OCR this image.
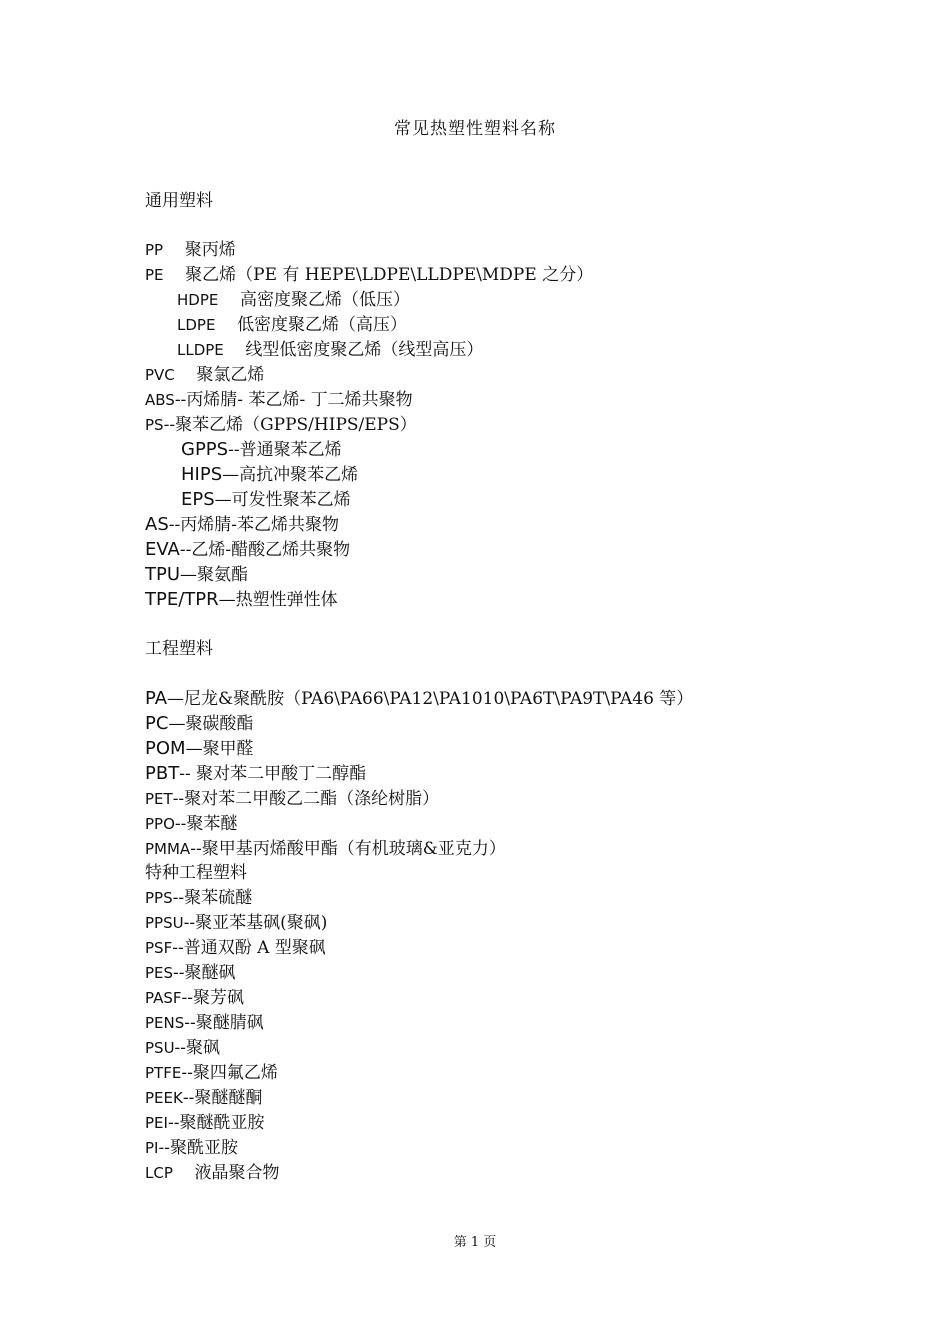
常见热塑性塑料名称
通用塑料
PP 聚丙烯
PE 聚乙烯（PE 有 HEPE\LDPE\LLDPE\MDPE 之分）
HDPE 高密度聚乙烯（低压）
LDPE 低密度聚乙烯（高压）
LLDPE 线型低密度聚乙烯（线型高压）
PVC 聚氯乙烯
ABS--丙烯腈- 苯乙烯- 丁二烯共聚物
PS--聚苯乙烯（GPPS/HIPS/EPS）
GPPS--普通聚苯乙烯
HIPS—高抗冲聚苯乙烯
EPS—可发性聚苯乙烯
AS--丙烯腈-苯乙烯共聚物
EVA--乙烯-醋酸乙烯共聚物
TPU—聚氨酯
TPE/TPR—热塑性弹性体
工程塑料
PA—尼龙&聚酰胺（PA6\PA66\PA12\PA1010\PA6T\PA9T\PA46 等）
PC—聚碳酸酯
POM—聚甲醛
PBT-- 聚对苯二甲酸丁二醇酯
PET--聚对苯二甲酸乙二酯（涤纶树脂）
PPO--聚苯醚
PMMA--聚甲基丙烯酸甲酯（有机玻璃&亚克力）
特种工程塑料
PPS--聚苯硫醚
PPSU--聚亚苯基砜(聚砜)
PSF--普通双酚 A 型聚砜
PES--聚醚砜
PASF--聚芳砜
PENS--聚醚腈砜
PSU--聚砜
PTFE--聚四氟乙烯
PEEK--聚醚醚酮
PEI--聚醚酰亚胺
PI--聚酰亚胺
LCP 液晶聚合物
第 1 页
